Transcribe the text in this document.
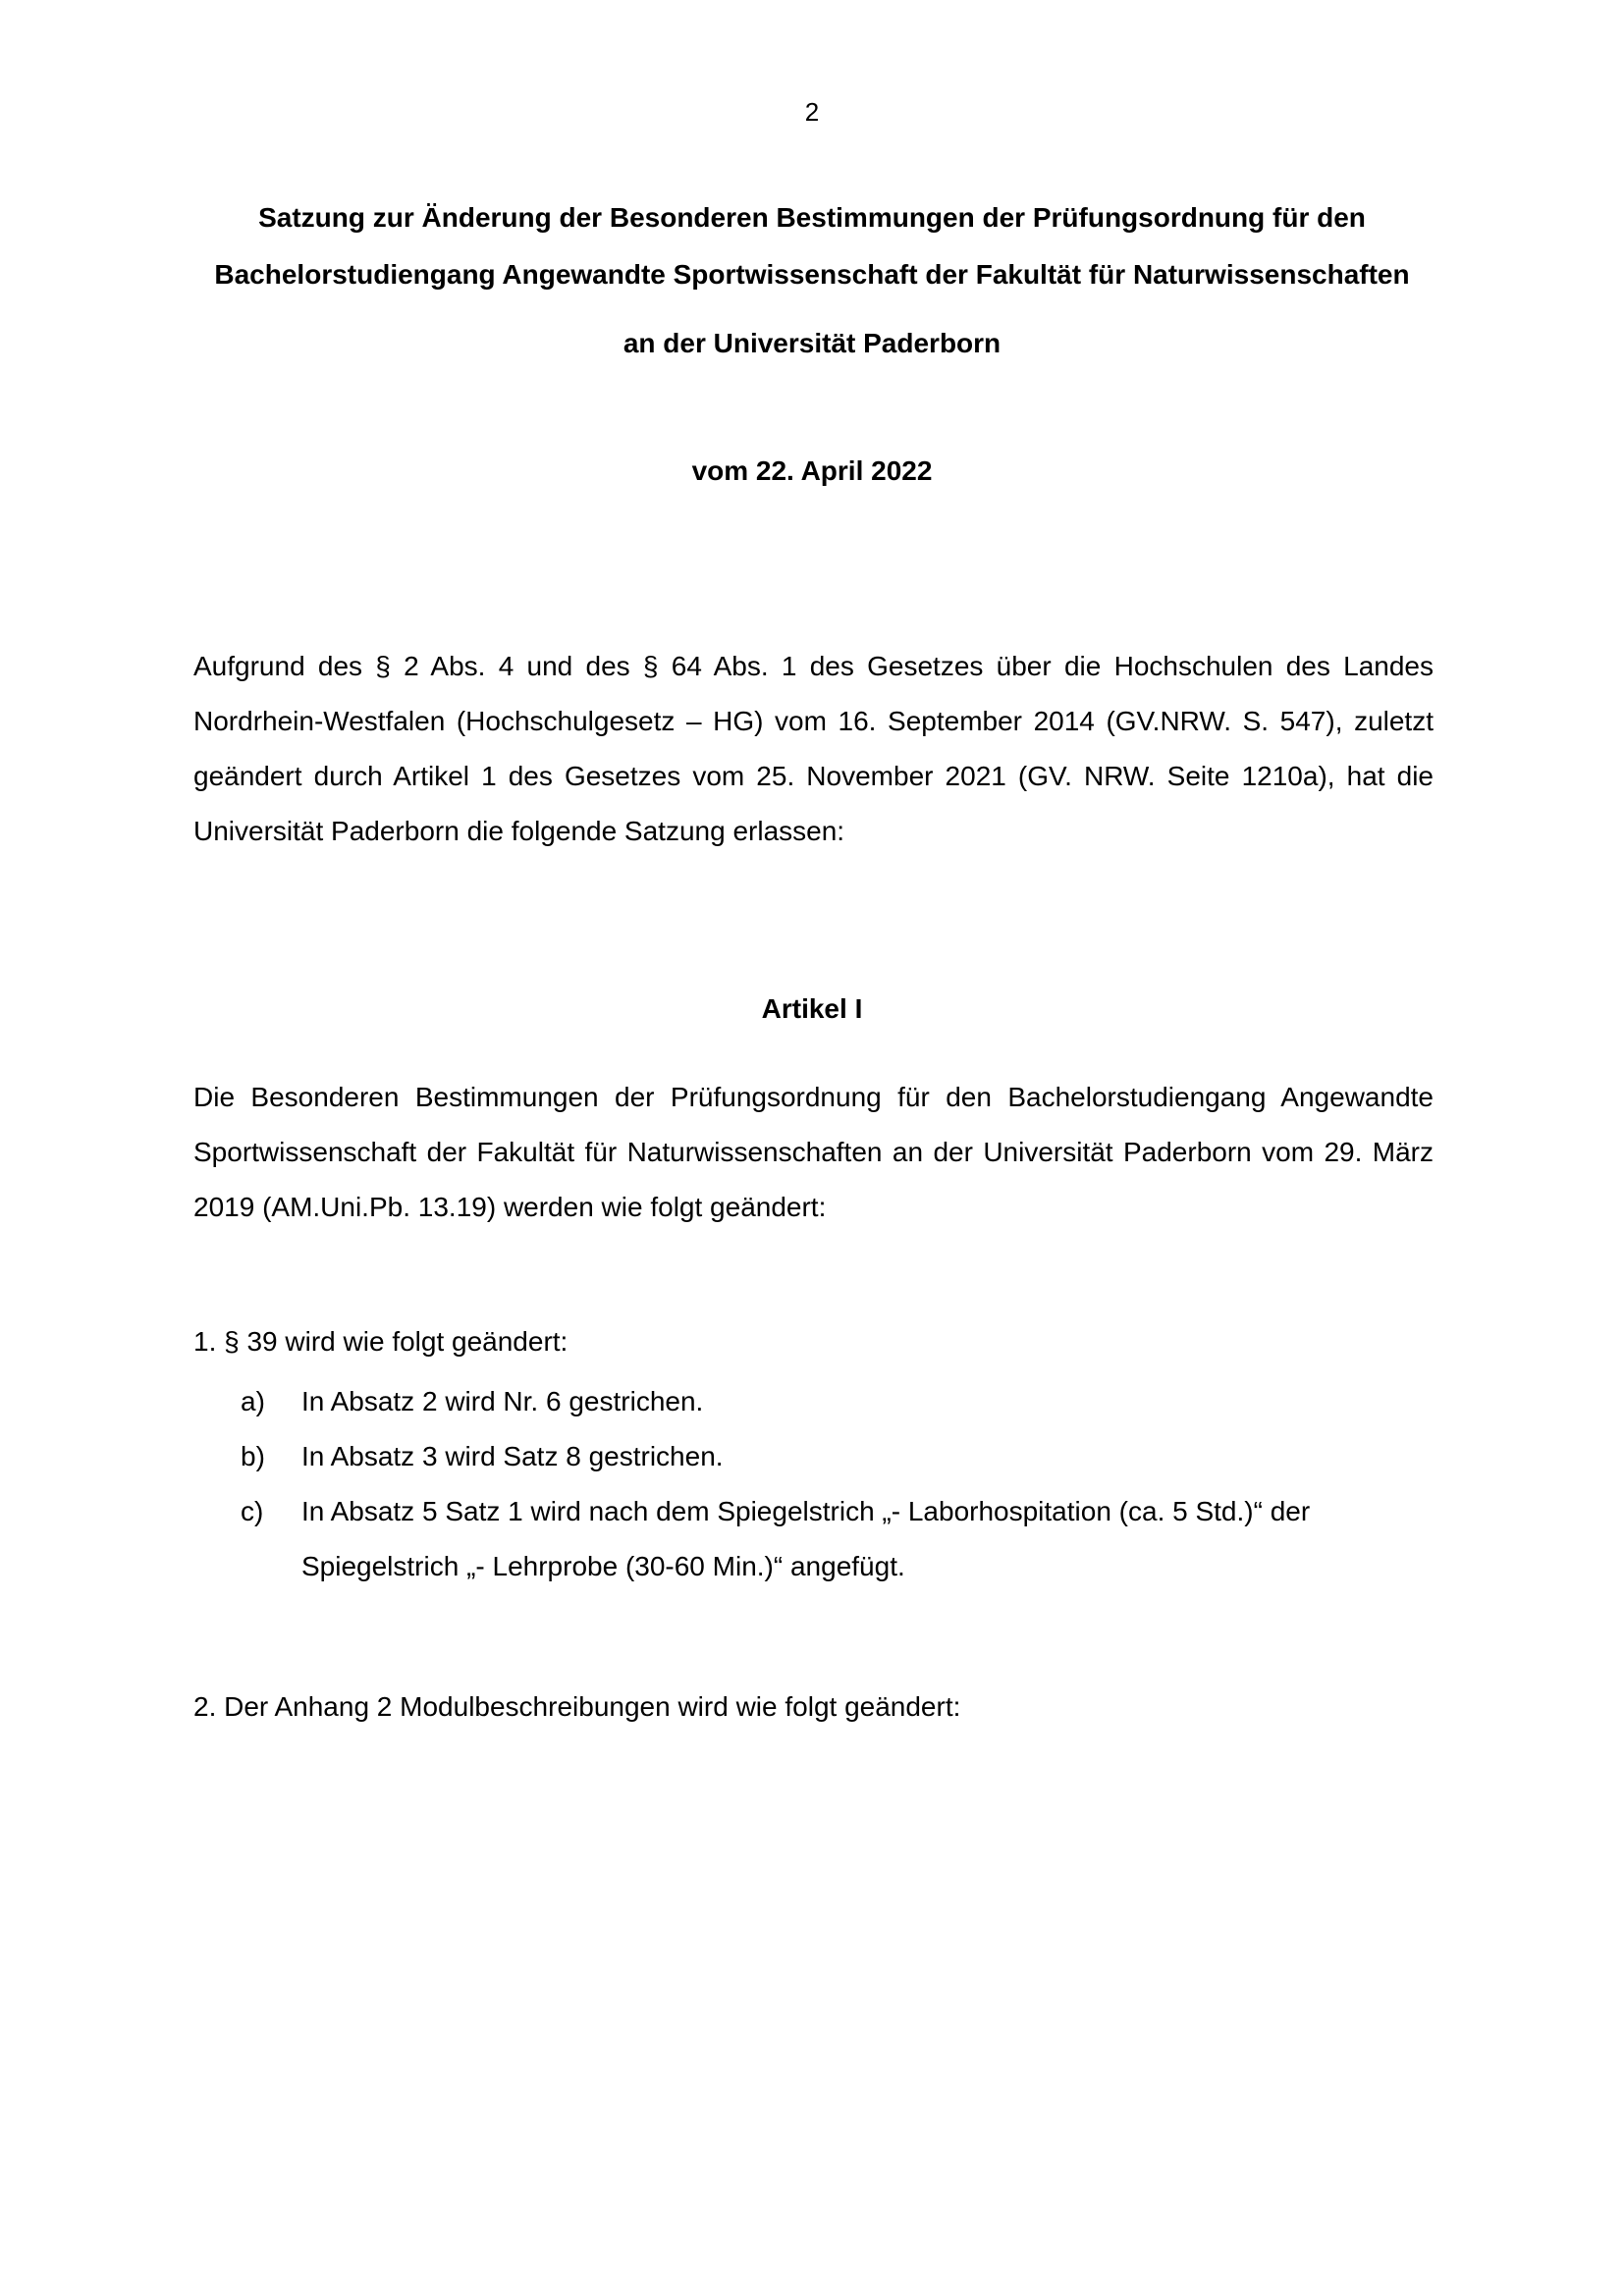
2
Satzung zur Änderung der Besonderen Bestimmungen der Prüfungsordnung für den
Bachelorstudiengang Angewandte Sportwissenschaft der Fakultät für Naturwissenschaften
an der Universität Paderborn
vom 22. April 2022

Aufgrund des § 2 Abs. 4 und des § 64 Abs. 1 des Gesetzes über die Hochschulen des Landes Nordrhein-Westfalen (Hochschulgesetz – HG) vom 16. September 2014 (GV.NRW. S. 547), zuletzt geändert durch Artikel 1 des Gesetzes vom 25. November 2021 (GV. NRW. Seite 1210a), hat die Universität Paderborn die folgende Satzung erlassen:

Artikel I

Die Besonderen Bestimmungen der Prüfungsordnung für den Bachelorstudiengang Angewandte Sportwissenschaft der Fakultät für Naturwissenschaften an der Universität Paderborn vom 29. März 2019 (AM.Uni.Pb. 13.19) werden wie folgt geändert:

1. § 39 wird wie folgt geändert:
a)	In Absatz 2 wird Nr. 6 gestrichen.
b)	In Absatz 3 wird Satz 8 gestrichen.
c)	In Absatz 5 Satz 1 wird nach dem Spiegelstrich „- Laborhospitation (ca. 5 Std.)“ der Spiegelstrich „- Lehrprobe (30-60 Min.)“ angefügt.
2. Der Anhang 2 Modulbeschreibungen wird wie folgt geändert:
